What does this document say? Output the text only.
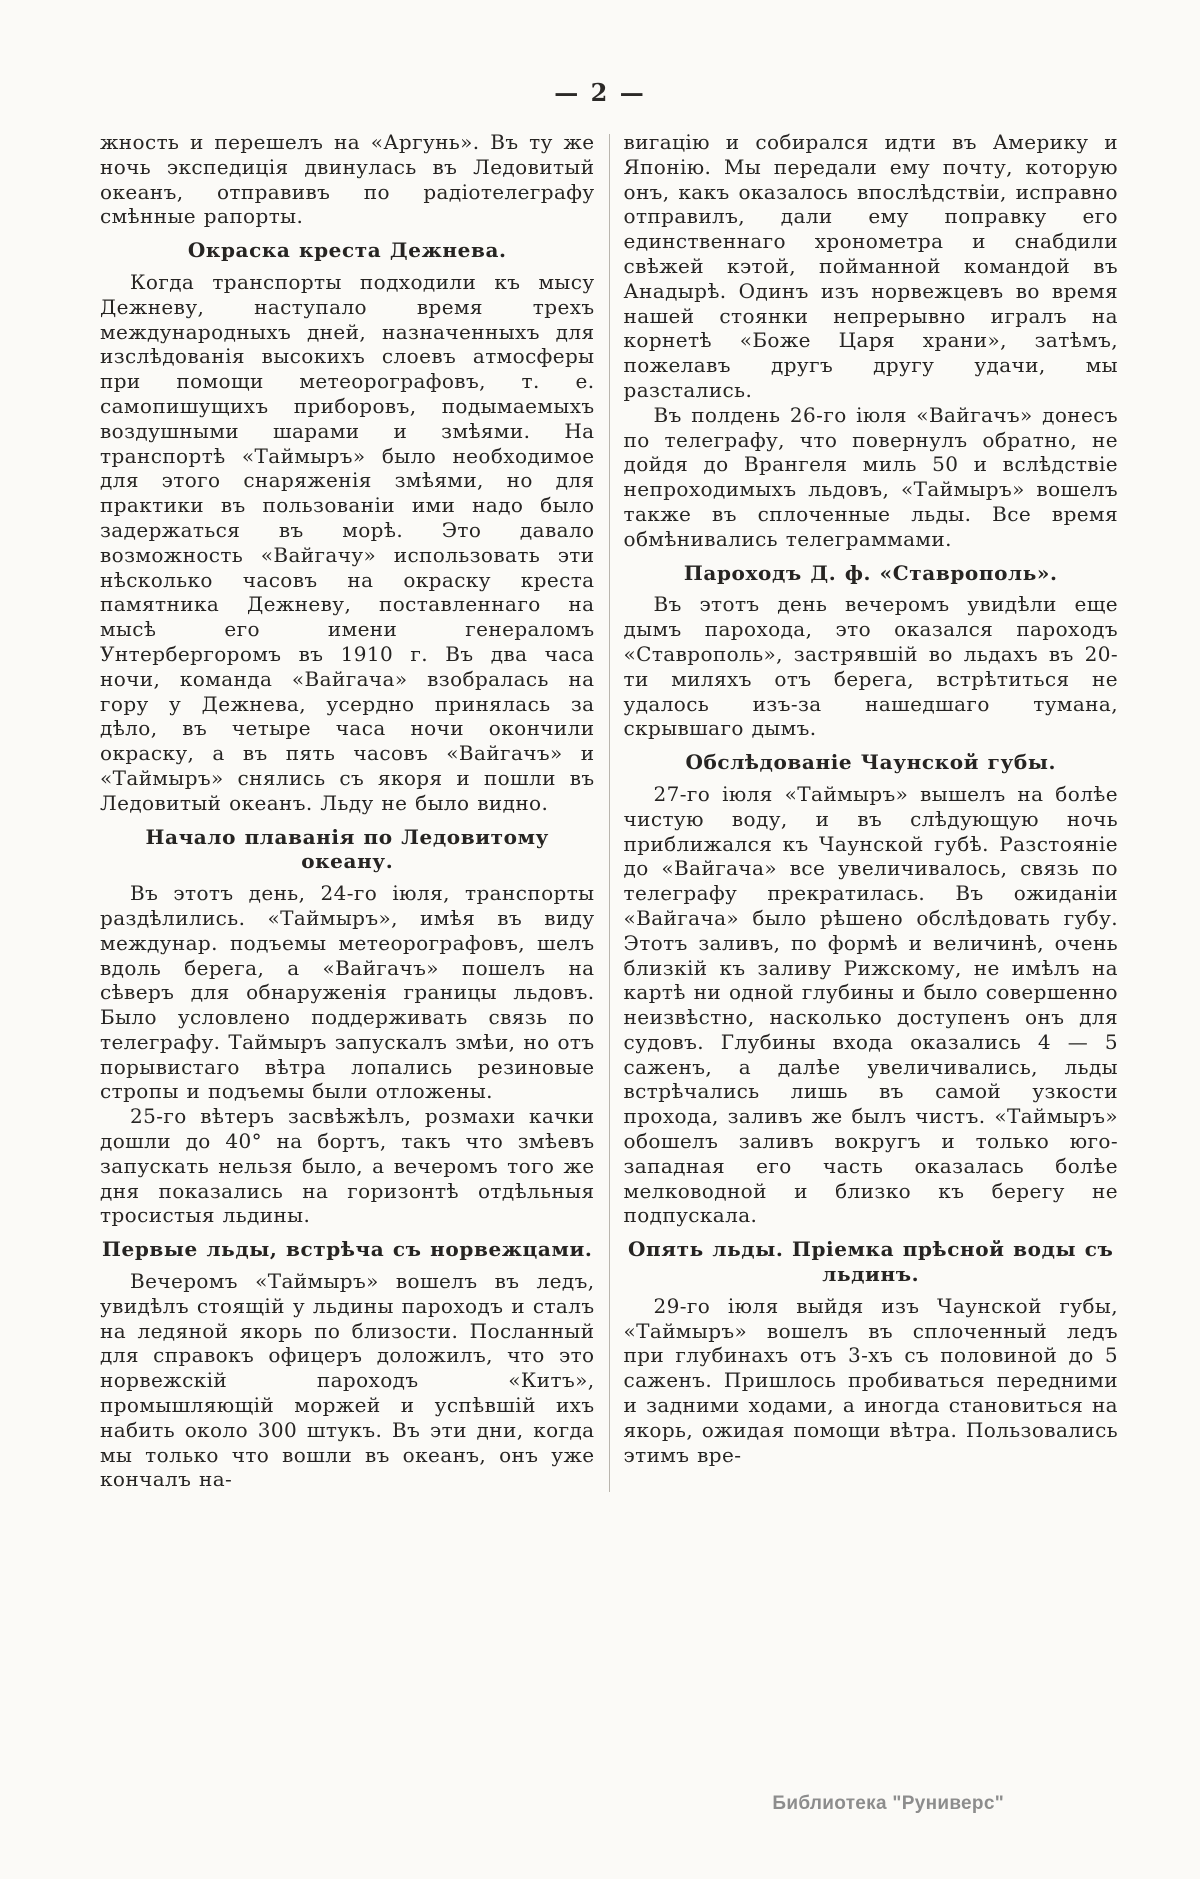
— 2 —
жность и перешелъ на «Аргунь». Въ ту же ночь экспедиція двинулась въ Ледовитый океанъ, отправивъ по радіотелеграфу смѣнные рапорты.
Окраска креста Дежнева.
Когда транспорты подходили къ мысу Дежневу, наступало время трехъ международныхъ дней, назначенныхъ для изслѣдованія высокихъ слоевъ атмосферы при помощи метеорографовъ, т. е. самопишущихъ приборовъ, подымаемыхъ воздушными шарами и змѣями. На транспортѣ «Таймыръ» было необходимое для этого снаряженія змѣями, но для практики въ пользованіи ими надо было задержаться въ морѣ. Это давало возможность «Вайгачу» использовать эти нѣсколько часовъ на окраску креста памятника Дежневу, поставленнаго на мысѣ его имени генераломъ Унтербергоромъ въ 1910 г. Въ два часа ночи, команда «Вайгача» взобралась на гору у Дежнева, усердно принялась за дѣло, въ четыре часа ночи окончили окраску, а въ пять часовъ «Вайгачъ» и «Таймыръ» снялись съ якоря и пошли въ Ледовитый океанъ. Льду не было видно.
Начало плаванія по Ледовитому океану.
Въ этотъ день, 24-го іюля, транспорты раздѣлились. «Таймыръ», имѣя въ виду междунар. подъемы метеорографовъ, шелъ вдоль берега, а «Вайгачъ» пошелъ на сѣверъ для обнаруженія границы льдовъ. Было условлено поддерживать связь по телеграфу. Таймыръ запускалъ змѣи, но отъ порывистаго вѣтра лопались резиновые стропы и подъемы были отложены.
25-го вѣтеръ засвѣжѣлъ, розмахи качки дошли до 40° на бортъ, такъ что змѣевъ запускать нельзя было, а вечеромъ того же дня показались на горизонтѣ отдѣльныя тросистыя льдины.
Первые льды, встрѣча съ норвежцами.
Вечеромъ «Таймыръ» вошелъ въ ледъ, увидѣлъ стоящій у льдины пароходъ и сталъ на ледяной якорь по близости. Посланный для справокъ офицеръ доложилъ, что это норвежскій пароходъ «Китъ», промышляющій моржей и успѣвшій ихъ набить около 300 штукъ. Въ эти дни, когда мы только что вошли въ океанъ, онъ уже кончалъ на-
вигацію и собирался идти въ Америку и Японію. Мы передали ему почту, которую онъ, какъ оказалось впослѣдствіи, исправно отправилъ, дали ему поправку его единственнаго хронометра и снабдили свѣжей кэтой, пойманной командой въ Анадырѣ. Одинъ изъ норвежцевъ во время нашей стоянки непрерывно игралъ на корнетѣ «Боже Царя храни», затѣмъ, пожелавъ другъ другу удачи, мы разстались.
Въ полдень 26-го іюля «Вайгачъ» донесъ по телеграфу, что повернулъ обратно, не дойдя до Врангеля миль 50 и вслѣдствіе непроходимыхъ льдовъ, «Таймыръ» вошелъ также въ сплоченные льды. Все время обмѣнивались телеграммами.
Пароходъ Д. ф. «Ставрополь».
Въ этотъ день вечеромъ увидѣли еще дымъ парохода, это оказался пароходъ «Ставрополь», застрявшій во льдахъ въ 20-ти миляхъ отъ берега, встрѣтиться не удалось изъ-за нашедшаго тумана, скрывшаго дымъ.
Обслѣдованіе Чаунской губы.
27-го іюля «Таймыръ» вышелъ на болѣе чистую воду, и въ слѣдующую ночь приближался къ Чаунской губѣ. Разстояніе до «Вайгача» все увеличивалось, связь по телеграфу прекратилась. Въ ожиданіи «Вайгача» было рѣшено обслѣдовать губу. Этотъ заливъ, по формѣ и величинѣ, очень близкій къ заливу Рижскому, не имѣлъ на картѣ ни одной глубины и было совершенно неизвѣстно, насколько доступенъ онъ для судовъ. Глубины входа оказались 4 — 5 саженъ, а далѣе увеличивались, льды встрѣчались лишь въ самой узкости прохода, заливъ же былъ чистъ. «Таймыръ» обошелъ заливъ вокругъ и только юго-западная его часть оказалась болѣе мелководной и близко къ берегу не подпускала.
Опять льды. Пріемка прѣсной воды съ льдинъ.
29-го іюля выйдя изъ Чаунской губы, «Таймыръ» вошелъ въ сплоченный ледъ при глубинахъ отъ 3-хъ съ половиной до 5 саженъ. Пришлось пробиваться передними и задними ходами, а иногда становиться на якорь, ожидая помощи вѣтра. Пользовались этимъ вре-
Библиотека "Руниверс"
